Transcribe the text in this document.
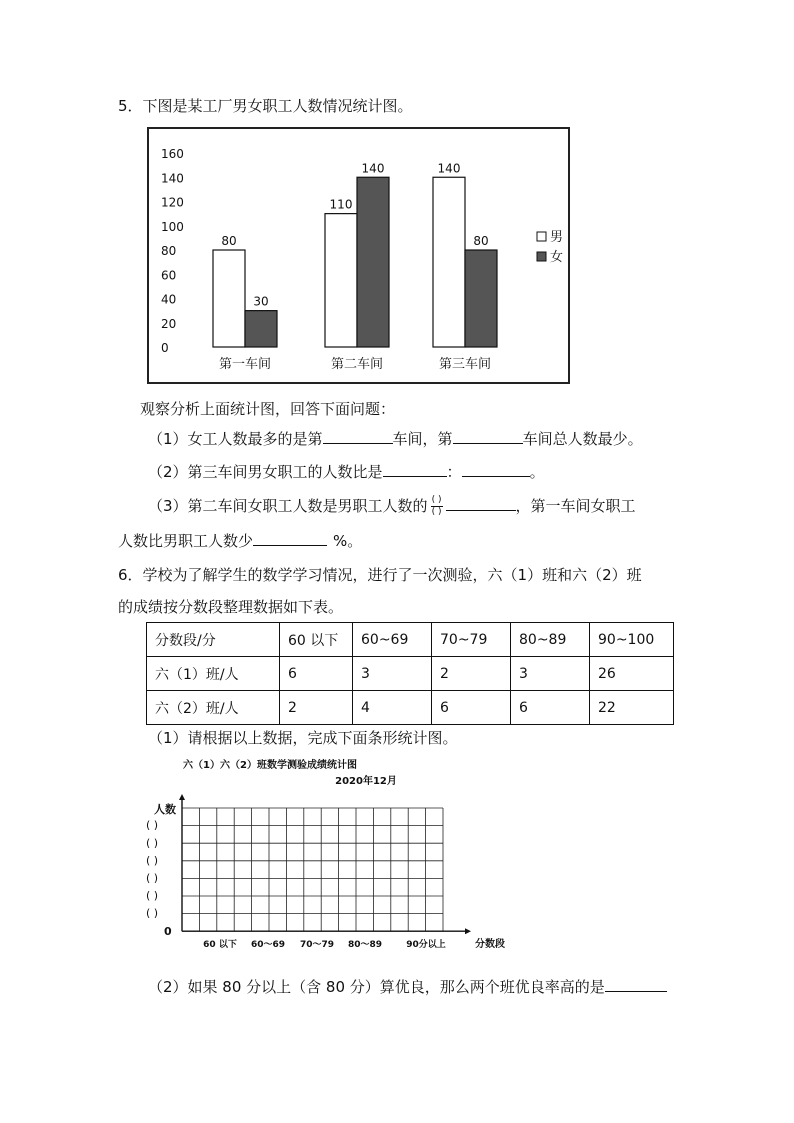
5．下图是某工厂男女职工人数情况统计图。
0
20
40
60
80
100
120
140
160
80
30
第一车间
110
140
第二车间
140
80
第三车间
男
女
观察分析上面统计图，回答下面问题：
（1）女工人数最多的是第	车间，第	车间总人数最少。
（2）第三车间男女职工的人数比是	：	。
（3）第二车间女职工人数是男职工人数的 $\frac{( )}{( )}$	，第一车间女职工
人数比男职工人数少	%。
6．学校为了解学生的数学学习情况，进行了一次测验，六（1）班和六（2）班
的成绩按分数段整理数据如下表。
分数段/分	60 以下	60~69	70~79	80~89	90~100
六（1）班/人	6	3	2	3	26
六（2）班/人	2	4	6	6	22
（1）请根据以上数据，完成下面条形统计图。
六（1）六（2）班数学测验成绩统计图
2020年12月
人数
( )
( )
( )
( )
( )
( )
0
60 以下 60～69 70～79 80～89	90分以上	分数段
（2）如果 80 分以上（含 80 分）算优良，那么两个班优良率高的是
